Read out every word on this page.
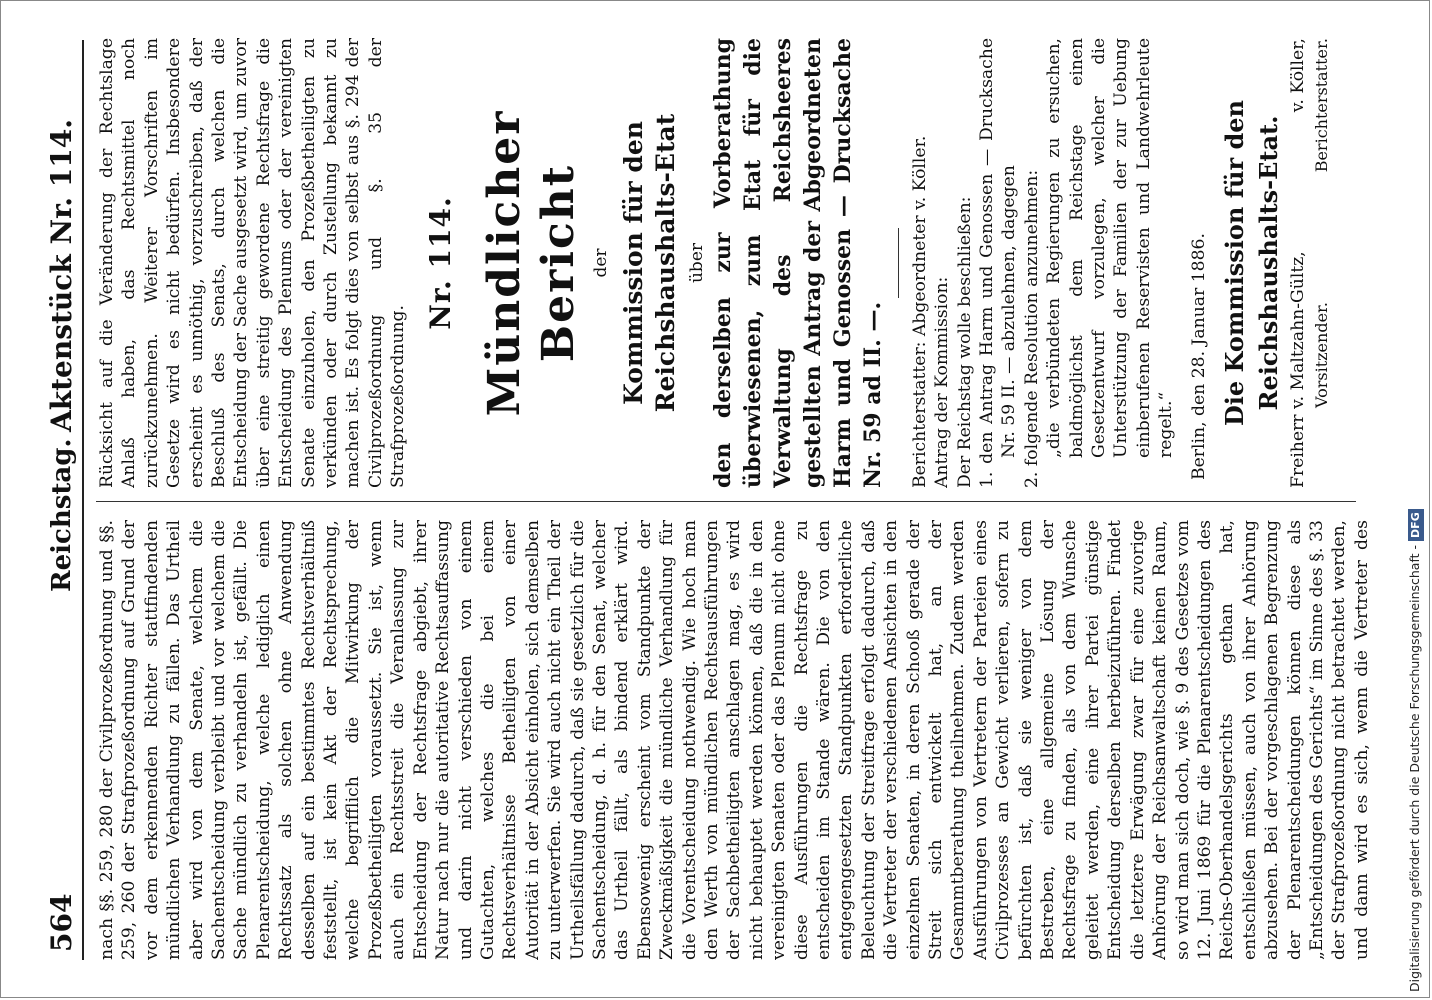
564
Reichstag.
Aktenstück Nr. 114.

nach §§. 259, 280 der Civilprozeßordnung und §§. 259, 260 der Strafprozeßordnung auf Grund der vor dem erkennenden Richter stattfindenden mündlichen Verhandlung zu fällen. Das Urtheil aber wird von dem Senate, welchem die Sachentscheidung verbleibt und vor welchem die Sache mündlich zu verhandeln ist, gefällt. Die Plenarentscheidung, welche lediglich einen Rechtssatz als solchen ohne Anwendung desselben auf ein bestimmtes Rechtsverhältniß feststellt, ist kein Akt der Rechtsprechung, welche begrifflich die Mitwirkung der Prozeßbetheiligten voraussetzt. Sie ist, wenn auch ein Rechtsstreit die Veranlassung zur Entscheidung der Rechtsfrage abgiebt, ihrer Natur nach nur die autoritative Rechtsauffassung und darin nicht verschieden von einem Gutachten, welches die bei einem Rechtsverhältnisse Betheiligten von einer Autorität in der Absicht einholen, sich demselben zu unterwerfen. Sie wird auch nicht ein Theil der Urtheilsfällung dadurch, daß sie gesetzlich für die Sachentscheidung, d. h. für den Senat, welcher das Urtheil fällt, als bindend erklärt wird. Ebensowenig erscheint vom Standpunkte der Zweckmäßigkeit die mündliche Verhandlung für die Vorentscheidung nothwendig. Wie hoch man den Werth von mündlichen Rechtsausführungen der Sachbetheiligten anschlagen mag, es wird nicht behauptet werden können, daß die in den vereinigten Senaten oder das Plenum nicht ohne diese Ausführungen die Rechtsfrage zu entscheiden im Stande wären. Die von den entgegengesetzten Standpunkten erforderliche Beleuchtung der Streitfrage erfolgt dadurch, daß die Vertreter der verschiedenen Ansichten in den einzelnen Senaten, in deren Schooß gerade der Streit sich entwickelt hat, an der Gesammtberathung theilnehmen. Zudem werden Ausführungen von Vertretern der Parteien eines Civilprozesses an Gewicht verlieren, sofern zu befürchten ist, daß sie weniger von dem Bestreben, eine allgemeine Lösung der Rechtsfrage zu finden, als von dem Wunsche geleitet werden, eine ihrer Partei günstige Entscheidung derselben herbeizuführen. Findet die letztere Erwägung zwar für eine zuvorige Anhörung der Reichsanwaltschaft keinen Raum, so wird man sich doch, wie §. 9 des Gesetzes vom 12. Juni 1869 für die Plenarentscheidungen des Reichs-Oberhandelsgerichts gethan hat, entschließen müssen, auch von ihrer Anhörung abzusehen. Bei der vorgeschlagenen Begrenzung der Plenarentscheidungen können diese als „Entscheidungen des Gerichts“ im Sinne des §. 33 der Strafprozeßordnung nicht betrachtet werden, und dann wird es sich, wenn die Vertreter des

Rücksicht auf die Veränderung der Rechtslage Anlaß haben, das Rechtsmittel noch zurückzunehmen. Weiterer Vorschriften im Gesetze wird es nicht bedürfen. Insbesondere erscheint es unnöthig, vorzuschreiben, daß der Beschluß des Senats, durch welchen die Entscheidung der Sache ausgesetzt wird, um zuvor über eine streitig gewordene Rechtsfrage die Entscheidung des Plenums oder der vereinigten Senate einzuholen, den Prozeßbetheiligten zu verkünden oder durch Zustellung bekannt zu machen ist. Es folgt dies von selbst aus §. 294 der Civilprozeßordnung und §. 35 der Strafprozeßordnung.

Nr. 114. Mündlicher Bericht der Kommission für den Reichshaushalts-Etat über den derselben zur Vorberathung überwiesenen, zum Etat für die Verwaltung des Reichsheeres gestellten Antrag der Abgeordneten Harm und Genossen — Drucksache Nr. 59 ad II. —. Berichterstatter: Abgeordneter v. Köller. Antrag der Kommission: Der Reichstag wolle beschließen: 1. den Antrag Harm und Genossen — Drucksache Nr. 59 II. — abzulehnen, dagegen 2. folgende Resolution anzunehmen: „die verbündeten Regierungen zu ersuchen, baldmöglichst dem Reichstage einen Gesetzentwurf vorzulegen, welcher die Unterstützung der Familien der zur Uebung einberufenen Reservisten und Landwehrleute regelt.“ Berlin, den 28. Januar 1886. Die Kommission für den Reichshaushalts-Etat. Freiherr v. Maltzahn-Gültz, Vorsitzender.
v. Köller, Berichterstatter.
Digitalisierung gefördert durch die Deutsche Forschungsgemeinschaft -DFG
